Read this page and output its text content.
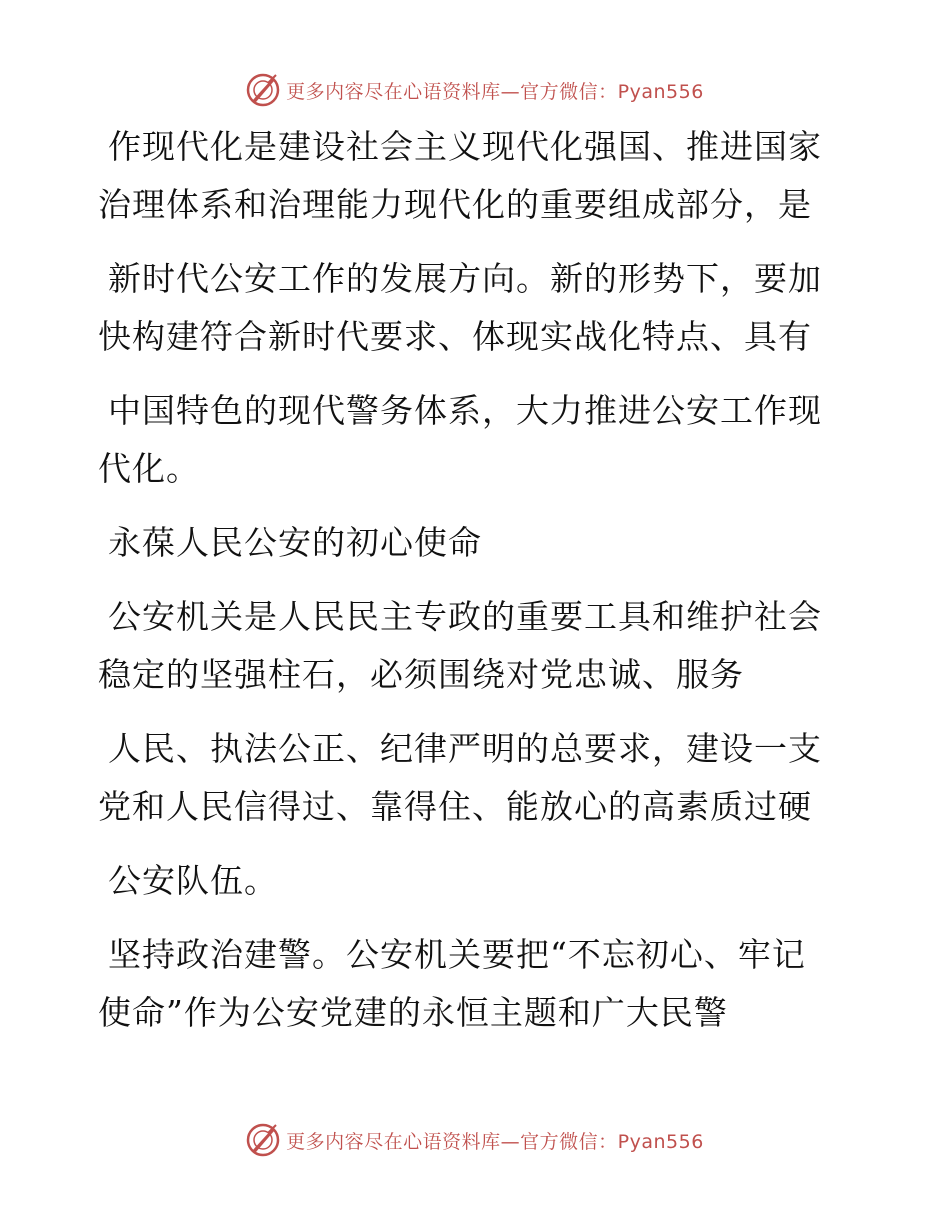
更多内容尽在心语资料库—官方微信：Pyan556

作现代化是建设社会主义现代化强国、推进国家
治理体系和治理能力现代化的重要组成部分，是
新时代公安工作的发展方向。新的形势下，要加
快构建符合新时代要求、体现实战化特点、具有
中国特色的现代警务体系，大力推进公安工作现
代化。
永葆人民公安的初心使命
公安机关是人民民主专政的重要工具和维护社会
稳定的坚强柱石，必须围绕对党忠诚、服务
人民、执法公正、纪律严明的总要求，建设一支
党和人民信得过、靠得住、能放心的高素质过硬
公安队伍。
坚持政治建警。公安机关要把“不忘初心、牢记
使命”作为公安党建的永恒主题和广大民警

更多内容尽在心语资料库—官方微信：Pyan556
